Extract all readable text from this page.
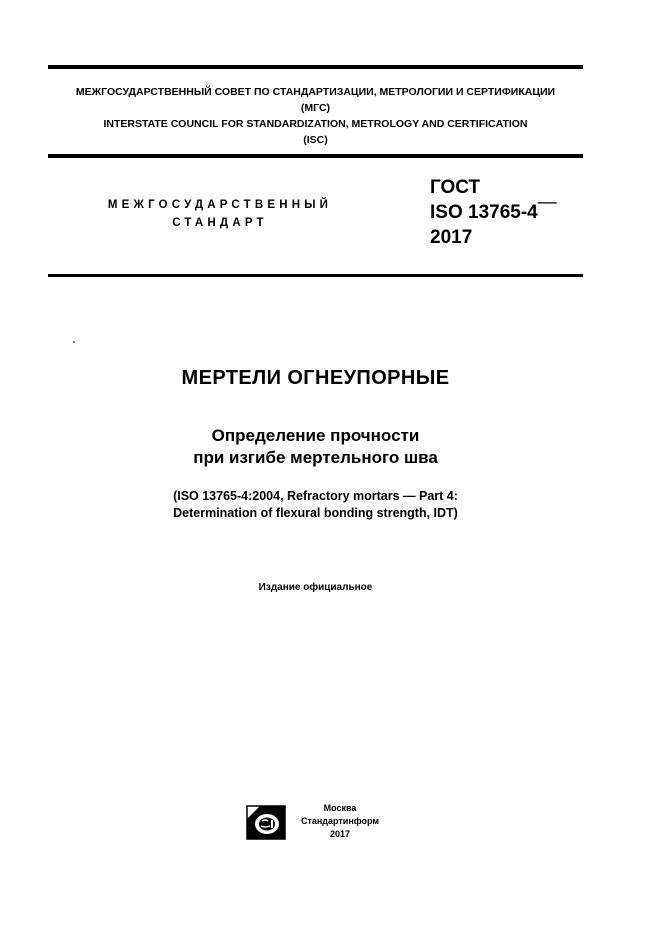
МЕЖГОСУДАРСТВЕННЫЙ СОВЕТ ПО СТАНДАРТИЗАЦИИ, МЕТРОЛОГИИ И СЕРТИФИКАЦИИ
(МГС)
INTERSTATE COUNCIL FOR STANDARDIZATION, METROLOGY AND CERTIFICATION
(ISC)
МЕЖГОСУДАРСТВЕННЫЙ
СТАНДАРТ
ГОСТ
ISO 13765-4—
2017
МЕРТЕЛИ ОГНЕУПОРНЫЕ
Определение прочности
при изгибе мертельного шва
(ISO 13765-4:2004, Refractory mortars — Part 4:
Determination of flexural bonding strength, IDT)
Издание официальное
Москва
Стандартинформ
2017
